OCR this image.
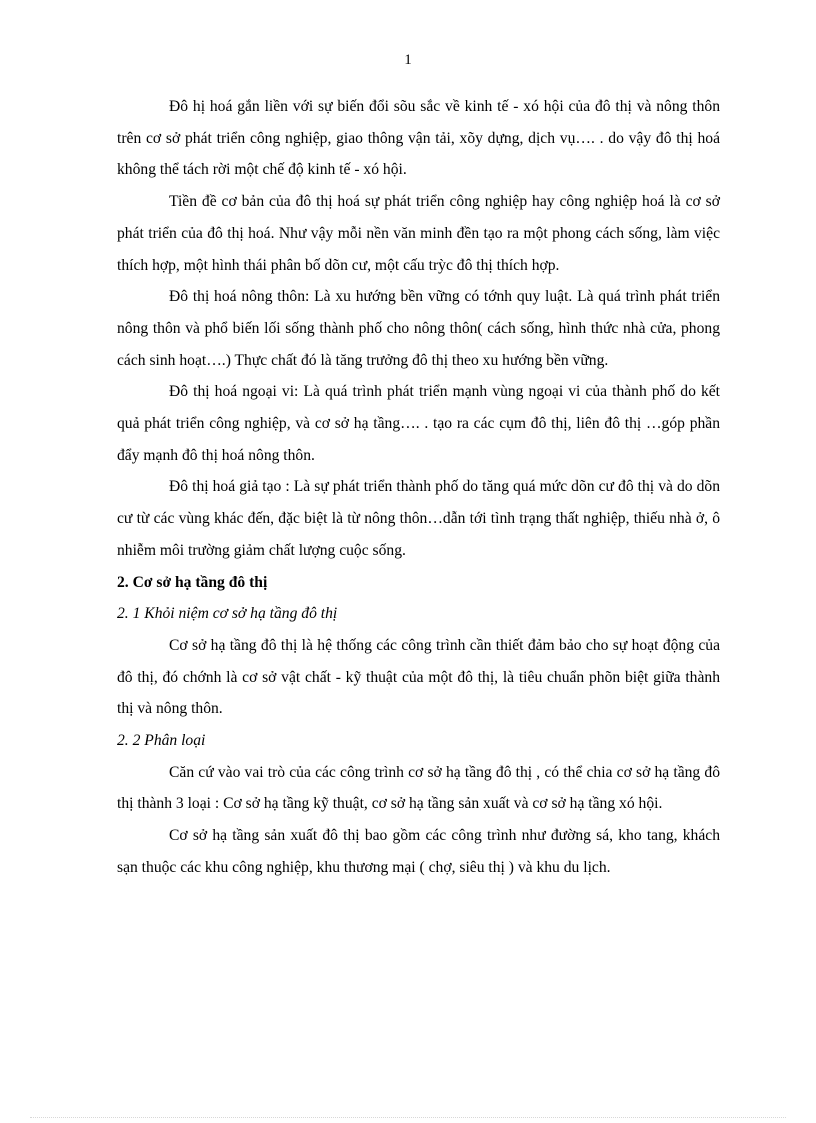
1

Đô hị hoá gắn liền với sự biến đổi sõu sắc về kinh tế - xó hội của đô thị và nông thôn trên cơ sở phát triển công nghiệp, giao thông vận tải, xõy dựng, dịch vụ…. . do vậy đô thị hoá không thể tách rời một chế độ kinh tế - xó hội.

Tiền đề cơ bản của đô thị hoá sự phát triển công nghiệp hay công nghiệp hoá là cơ sở phát triển của đô thị hoá. Như vậy mỗi nền văn minh đền tạo ra một phong cách sống, làm việc thích hợp, một hình thái phân bố dõn cư, một cấu trỳc đô thị thích hợp.

Đô thị hoá nông thôn: Là xu hướng bền vững có tớnh quy luật. Là quá trình phát triển nông thôn và phổ biến lối sống thành phố cho nông thôn( cách sống, hình thức nhà cửa, phong cách sinh hoạt….) Thực chất đó là tăng trưởng đô thị theo xu hướng bền vững.

Đô thị hoá ngoại vi: Là quá trình phát triển mạnh vùng ngoại vi của thành phố do kết quả phát triển công nghiệp, và cơ sở hạ tầng…. . tạo ra các cụm đô thị, liên đô thị …góp phần đẩy mạnh đô thị hoá nông thôn.

Đô thị hoá giả tạo : Là sự phát triển thành phố do tăng quá mức dõn cư đô thị và do dõn cư từ các vùng khác đến, đặc biệt là từ nông thôn…dẫn tới tình trạng thất nghiệp, thiếu nhà ở, ô nhiễm môi trường giảm chất lượng cuộc sống.

2. Cơ sở hạ tầng đô thị

2. 1 Khỏi niệm cơ sở hạ tầng đô thị

Cơ sở hạ tầng đô thị là hệ thống các công trình cần thiết đảm bảo cho sự hoạt động của đô thị, đó chớnh là cơ sở vật chất - kỹ thuật của một đô thị, là tiêu chuẩn phõn biệt giữa thành thị và nông thôn.

2. 2 Phân loại

Căn cứ vào vai trò của các công trình cơ sở hạ tầng đô thị , có thể chia cơ sở hạ tầng đô thị thành 3 loại : Cơ sở hạ tầng kỹ thuật, cơ sở hạ tầng sản xuất và cơ sở hạ tầng xó hội.

Cơ sở hạ tầng sản xuất đô thị bao gồm các công trình như đường sá, kho tang, khách sạn thuộc các khu công nghiệp, khu thương mại ( chợ, siêu thị ) và khu du lịch.
